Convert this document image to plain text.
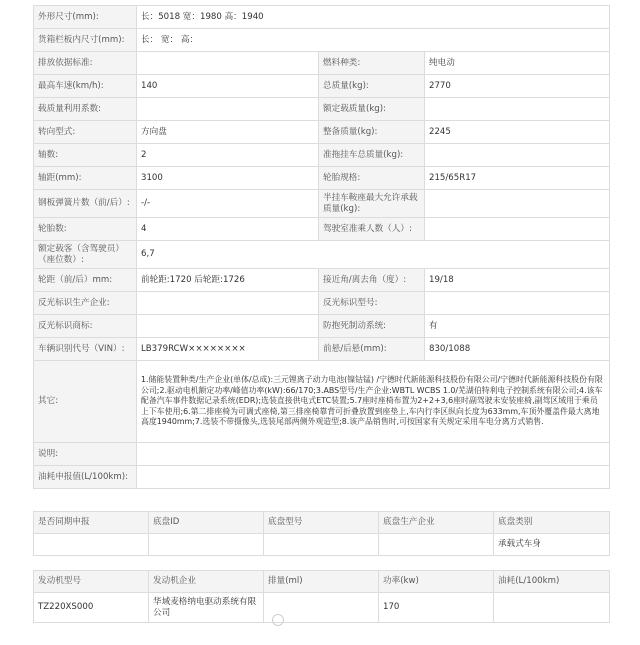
外形尺寸(mm):	长：5018 宽：1980 高：1940		
货箱栏板内尺寸(mm):	长： 宽： 高：		
排放依据标准:		燃料种类:	纯电动
最高车速(km/h):	140	总质量(kg):	2770
载质量利用系数:		额定载质量(kg):	
转向型式:	方向盘	整备质量(kg):	2245
轴数:	2	准拖挂车总质量(kg):	
轴距(mm):	3100	轮胎规格:	215/65R17
钢板弹簧片数（前/后）:	-/-	半挂车鞍座最大允许承载质量(kg):	
轮胎数:	4	驾驶室准乘人数（人）:	
额定载客（含驾驶员）（座位数）:	6,7		
轮距（前/后）mm:	前轮距:1720 后轮距:1726	接近角/离去角（度）:	19/18
反光标识生产企业:		反光标识型号:	
反光标识商标:		防抱死制动系统:	有
车辆识别代号（VIN）:	LB379RCW××××××××	前悬/后悬(mm):	830/1088
其它:	1.储能装置种类/生产企业(单体/总成):三元锂离子动力电池(镍钴锰) /宁德时代新能源科技股份有限公司/宁德时代新能源科技股份有限公司;2.驱动电机额定功率/峰值功率(kW):66/170;3.ABS型号/生产企业:WBTL WCBS 1.0/芜湖伯特利电子控制系统有限公司;4.该车配备汽车事件数据记录系统(EDR);选装直接供电式ETC装置;5.7座时座椅布置为2+2+3,6座时副驾驶未安装座椅,副驾区域用于乘员上下车使用;6.第二排座椅为可调式座椅,第三排座椅靠背可折叠放置到座垫上,车内行李区纵向长度为633mm,车顶外覆盖件最大离地高度1940mm;7.选装不带摄像头,选装尾部两侧外观造型;8.该产品销售时,可按国家有关规定采用车电分离方式销售.		
说明:			
油耗申报值(L/100km):			
是否同期申报	底盘ID	底盘型号	底盘生产企业	底盘类别
				承载式车身
发动机型号	发动机企业	排量(ml)	功率(kw)	油耗(L/100km)
TZ220XS000	华域麦格纳电驱动系统有限公司		170	
